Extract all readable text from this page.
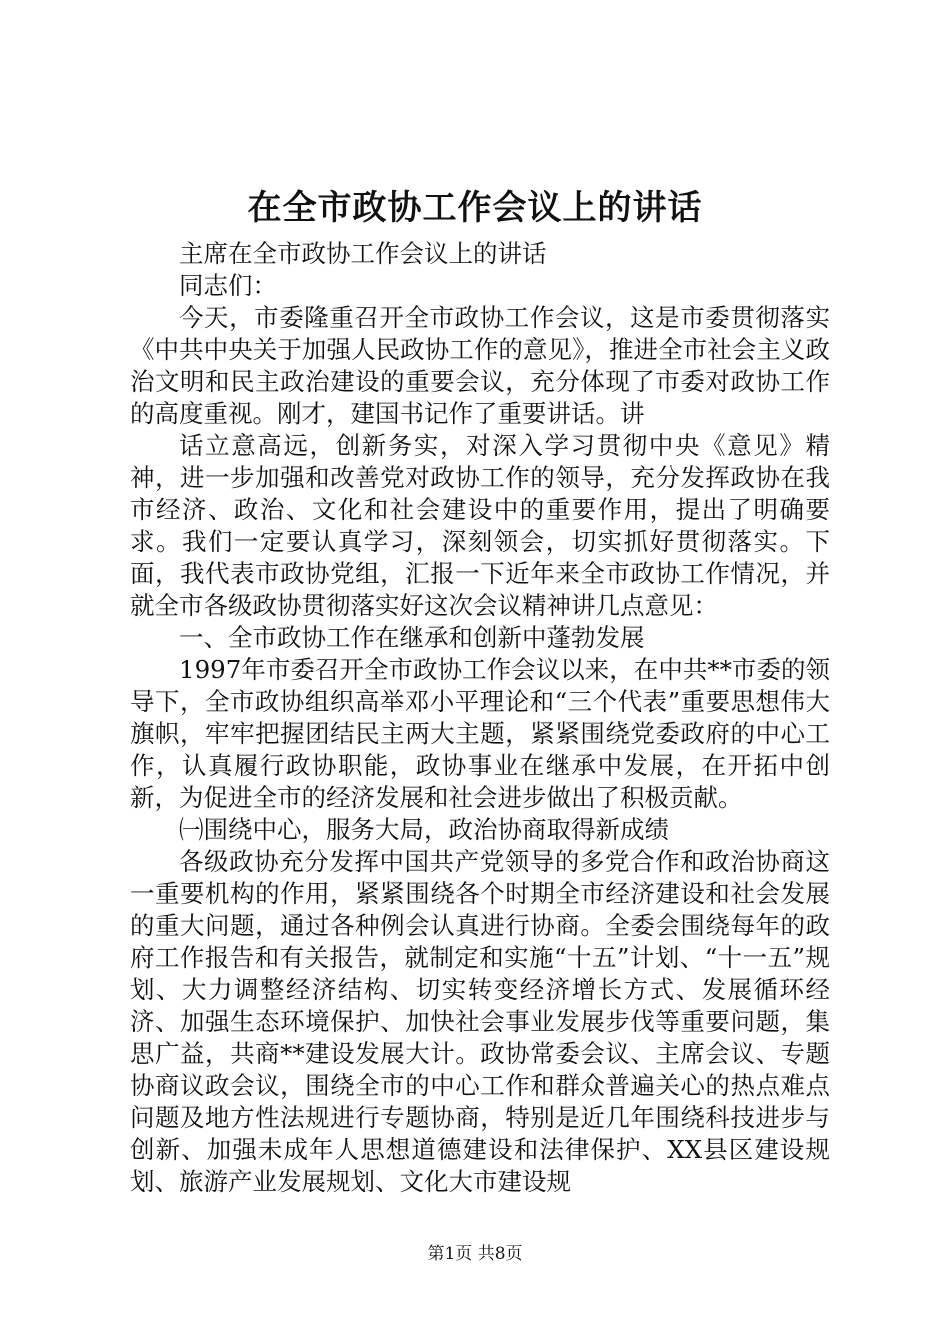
在全市政协工作会议上的讲话

主席在全市政协工作会议上的讲话

同志们：

今天，市委隆重召开全市政协工作会议，这是市委贯彻落实《中共中央关于加强人民政协工作的意见》，推进全市社会主义政治文明和民主政治建设的重要会议，充分体现了市委对政协工作的高度重视。刚才，建国书记作了重要讲话。讲

话立意高远，创新务实，对深入学习贯彻中央《意见》精神，进一步加强和改善党对政协工作的领导，充分发挥政协在我市经济、政治、文化和社会建设中的重要作用，提出了明确要求。我们一定要认真学习，深刻领会，切实抓好贯彻落实。下面，我代表市政协党组，汇报一下近年来全市政协工作情况，并就全市各级政协贯彻落实好这次会议精神讲几点意见：

一、全市政协工作在继承和创新中蓬勃发展

1997年市委召开全市政协工作会议以来，在中共**市委的领导下，全市政协组织高举邓小平理论和“三个代表”重要思想伟大旗帜，牢牢把握团结民主两大主题，紧紧围绕党委政府的中心工作，认真履行政协职能，政协事业在继承中发展，在开拓中创新，为促进全市的经济发展和社会进步做出了积极贡献。

㈠围绕中心，服务大局，政治协商取得新成绩

各级政协充分发挥中国共产党领导的多党合作和政治协商这一重要机构的作用，紧紧围绕各个时期全市经济建设和社会发展的重大问题，通过各种例会认真进行协商。全委会围绕每年的政府工作报告和有关报告，就制定和实施“十五”计划、“十一五”规划、大力调整经济结构、切实转变经济增长方式、发展循环经济、加强生态环境保护、加快社会事业发展步伐等重要问题，集思广益，共商**建设发展大计。政协常委会议、主席会议、专题协商议政会议，围绕全市的中心工作和群众普遍关心的热点难点问题及地方性法规进行专题协商，特别是近几年围绕科技进步与创新、加强未成年人思想道德建设和法律保护、XX县区建设规划、旅游产业发展规划、文化大市建设规

第1页 共8页
